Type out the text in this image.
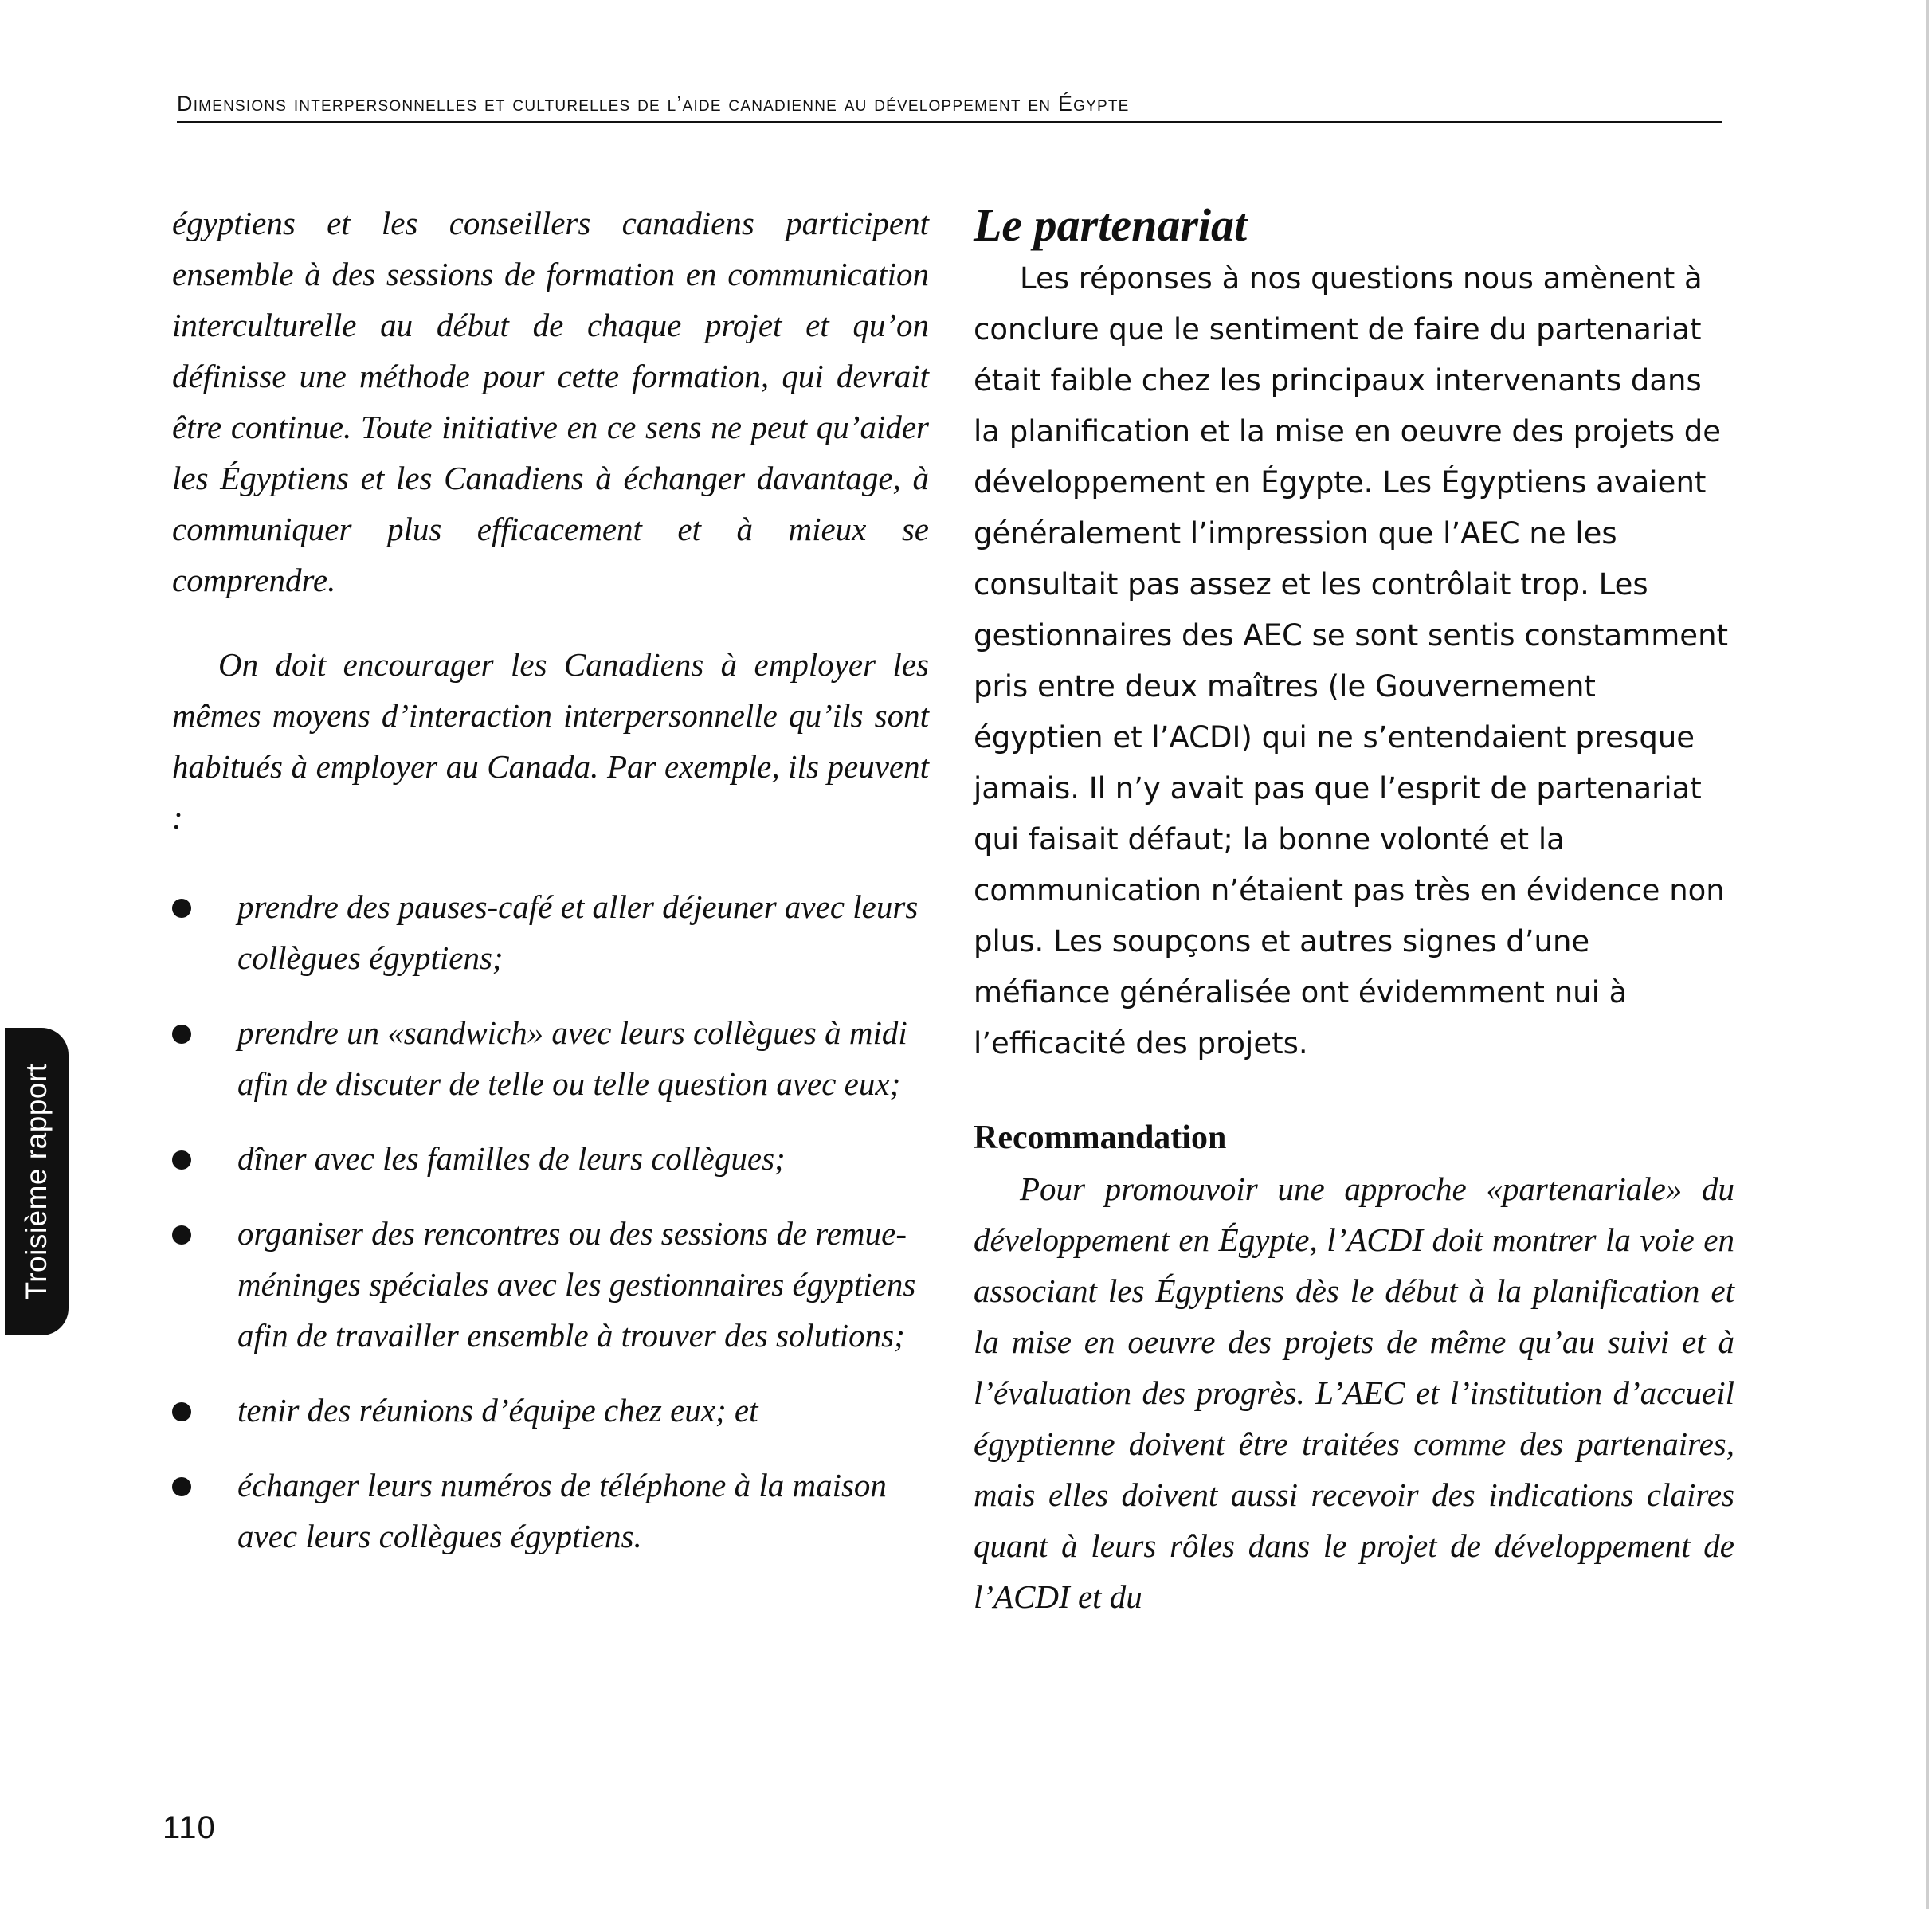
Dimensions interpersonnelles et culturelles de l’aide canadienne au développement en Égypte

égyptiens et les conseillers canadiens participent ensemble à des sessions de formation en communication interculturelle au début de chaque projet et qu’on définisse une méthode pour cette formation, qui devrait être continue. Toute initiative en ce sens ne peut qu’aider les Égyptiens et les Canadiens à échanger davantage, à communiquer plus efficacement et à mieux se comprendre.

On doit encourager les Canadiens à employer les mêmes moyens d’interaction interpersonnelle qu’ils sont habitués à employer au Canada. Par exemple, ils peuvent :

prendre des pauses-café et aller déjeuner avec leurs collègues égyptiens;
prendre un «sandwich» avec leurs collègues à midi afin de discuter de telle ou telle question avec eux;
dîner avec les familles de leurs collègues;
organiser des rencontres ou des sessions de remue-méninges spéciales avec les gestionnaires égyptiens afin de travailler ensemble à trouver des solutions;
tenir des réunions d’équipe chez eux; et
échanger leurs numéros de téléphone à la maison avec leurs collègues égyptiens.
Le partenariat

Les réponses à nos questions nous amènent à conclure que le sentiment de faire du partenariat était faible chez les principaux intervenants dans la planification et la mise en oeuvre des projets de développement en Égypte. Les Égyptiens avaient généralement l’impression que l’AEC ne les consultait pas assez et les contrôlait trop. Les gestionnaires des AEC se sont sentis constamment pris entre deux maîtres (le Gouvernement égyptien et l’ACDI) qui ne s’entendaient presque jamais. Il n’y avait pas que l’esprit de partenariat qui faisait défaut; la bonne volonté et la communication n’étaient pas très en évidence non plus. Les soupçons et autres signes d’une méfiance généralisée ont évidemment nui à l’efficacité des projets.

Recommandation

Pour promouvoir une approche «partenariale» du développement en Égypte, l’ACDI doit montrer la voie en associant les Égyptiens dès le début à la planification et la mise en oeuvre des projets de même qu’au suivi et à l’évaluation des progrès. L’AEC et l’institution d’accueil égyptienne doivent être traitées comme des partenaires, mais elles doivent aussi recevoir des indications claires quant à leurs rôles dans le projet de développement de l’ACDI et du

Troisième rapport
110
